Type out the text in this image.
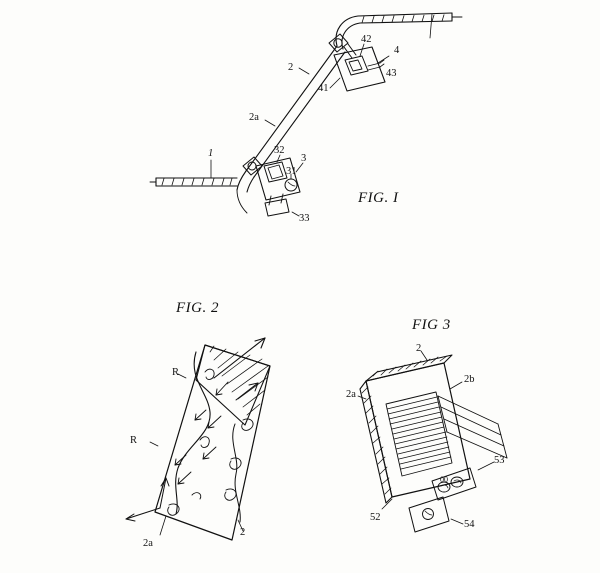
FIG. I
2
2a
4
41
42
43
3
31
32
33
1
FIG. 2
R
R
2
2a
FIG 3
2
2a
2b
52
53
54
00
